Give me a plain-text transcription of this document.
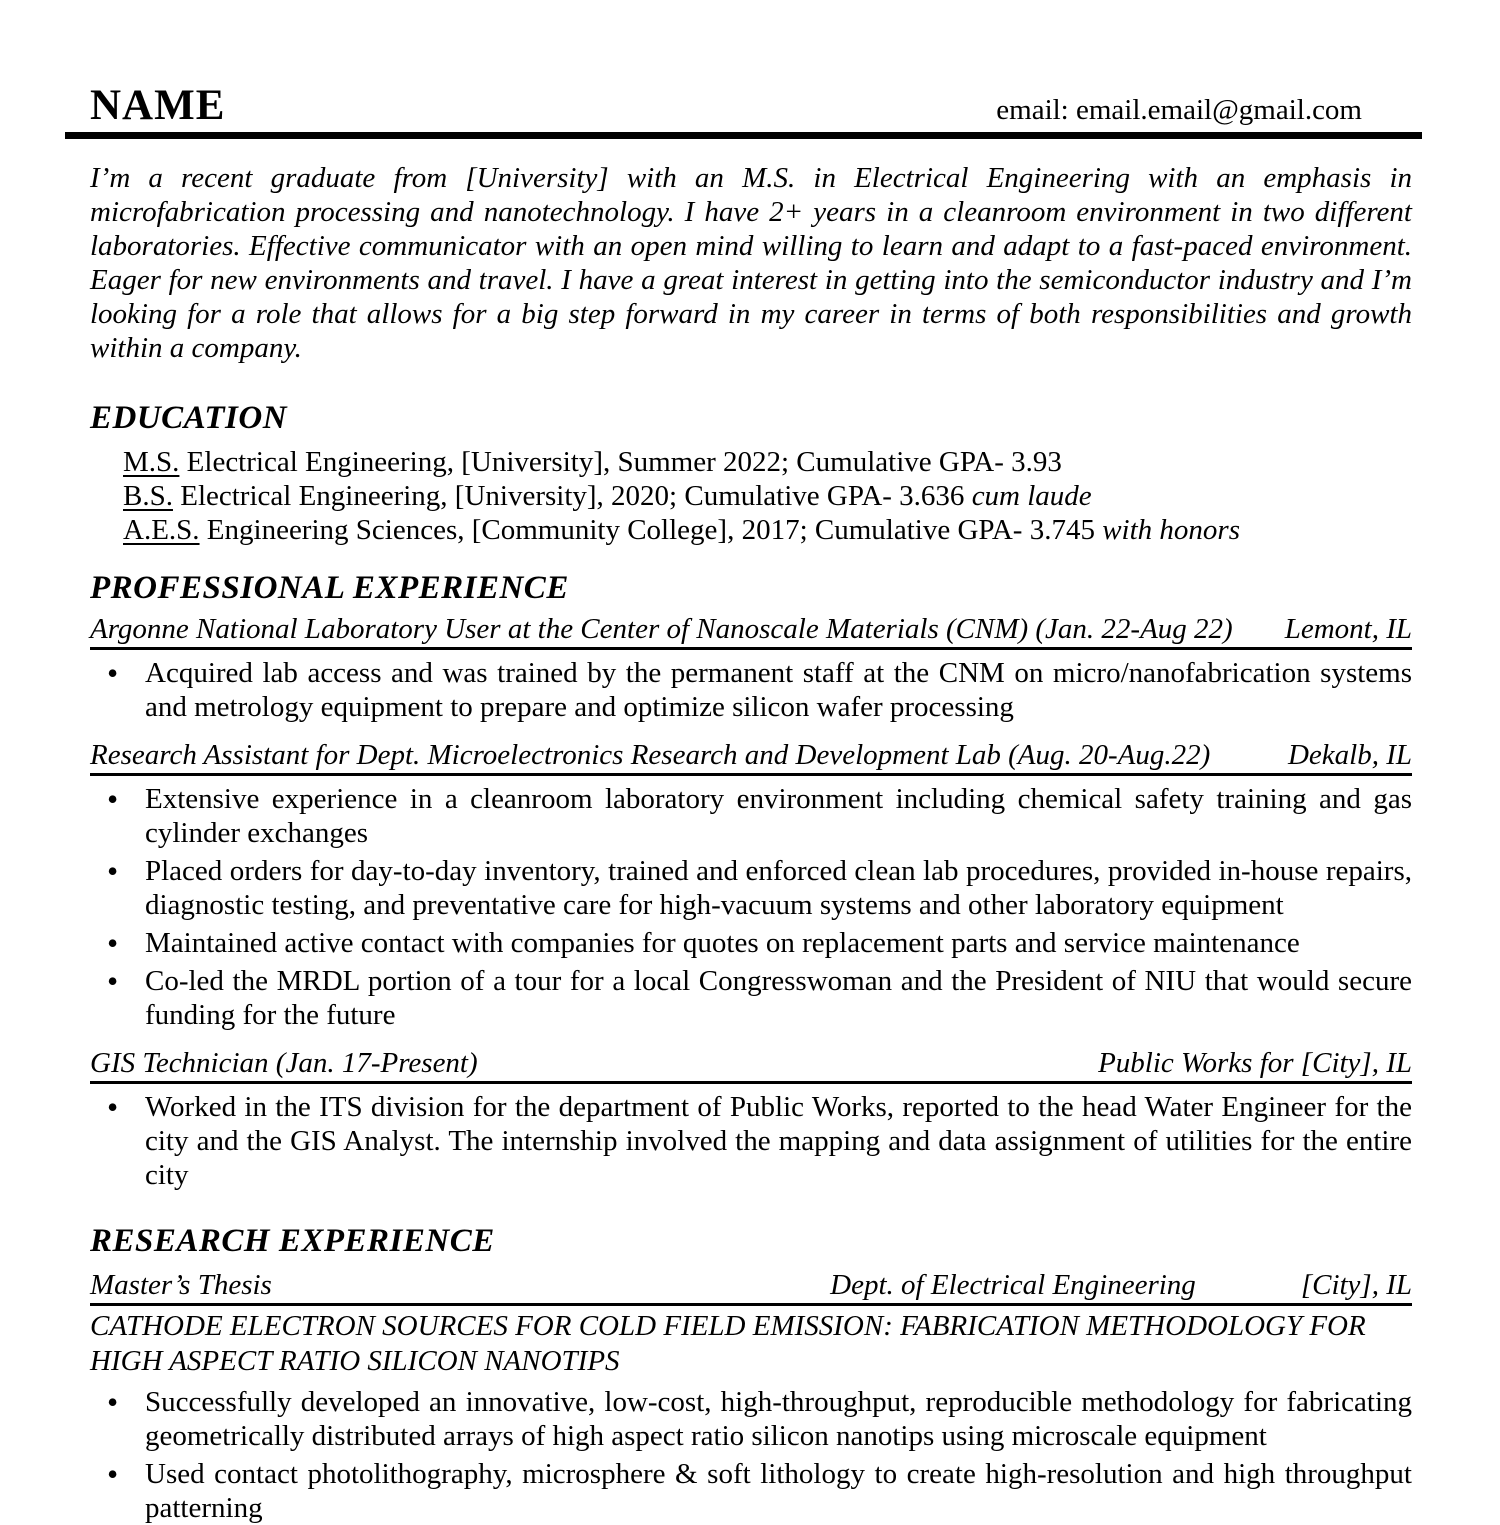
NAME	email: email.email@gmail.com

I’m a recent graduate from [University] with an M.S. in Electrical Engineering with an emphasis in microfabrication processing and nanotechnology. I have 2+ years in a cleanroom environment in two different laboratories. Effective communicator with an open mind willing to learn and adapt to a fast-paced environment. Eager for new environments and travel. I have a great interest in getting into the semiconductor industry and I’m looking for a role that allows for a big step forward in my career in terms of both responsibilities and growth within a company.

EDUCATION
M.S. Electrical Engineering, [University], Summer 2022; Cumulative GPA- 3.93
B.S. Electrical Engineering, [University], 2020; Cumulative GPA- 3.636 cum laude
A.E.S. Engineering Sciences, [Community College], 2017; Cumulative GPA- 3.745 with honors
PROFESSIONAL EXPERIENCE
Argonne National Laboratory User at the Center of Nanoscale Materials (CNM) (Jan. 22-Aug 22) Lemont, IL
• Acquired lab access and was trained by the permanent staff at the CNM on micro/nanofabrication systems and metrology equipment to prepare and optimize silicon wafer processing
Research Assistant for Dept. Microelectronics Research and Development Lab (Aug. 20-Aug.22)	Dekalb, IL
• Extensive experience in a cleanroom laboratory environment including chemical safety training and gas cylinder exchanges
• Placed orders for day-to-day inventory, trained and enforced clean lab procedures, provided in-house repairs, diagnostic testing, and preventative care for high-vacuum systems and other laboratory equipment
• Maintained active contact with companies for quotes on replacement parts and service maintenance
• Co-led the MRDL portion of a tour for a local Congresswoman and the President of NIU that would secure funding for the future
GIS Technician (Jan. 17-Present)	Public Works for [City], IL
• Worked in the ITS division for the department of Public Works, reported to the head Water Engineer for the city and the GIS Analyst. The internship involved the mapping and data assignment of utilities for the entire city
RESEARCH EXPERIENCE
Master’s Thesis	Dept. of Electrical Engineering	[City], IL
CATHODE ELECTRON SOURCES FOR COLD FIELD EMISSION: FABRICATION METHODOLOGY FOR HIGH ASPECT RATIO SILICON NANOTIPS
• Successfully developed an innovative, low-cost, high-throughput, reproducible methodology for fabricating geometrically distributed arrays of high aspect ratio silicon nanotips using microscale equipment
• Used contact photolithography, microsphere & soft lithology to create high-resolution and high throughput patterning
